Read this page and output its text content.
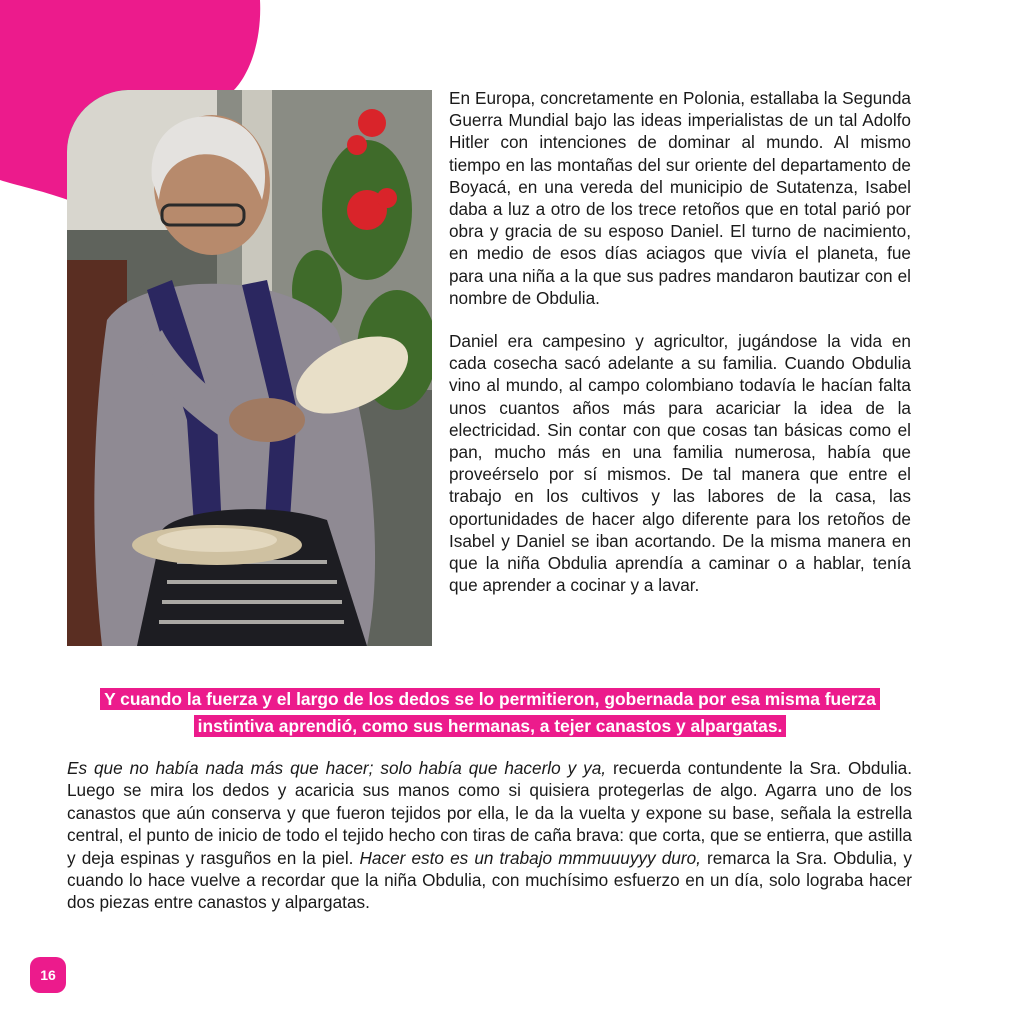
En Europa, concretamente en Polonia, estallaba la Segunda Guerra Mundial bajo las ideas imperialistas de un tal Adolfo Hitler con intenciones de dominar al mundo. Al mismo tiempo en las montañas del sur oriente del departamento de Boyacá, en una vereda del municipio de Sutatenza, Isabel daba a luz a otro de los trece retoños que en total parió por obra y gracia de su esposo Daniel. El turno de nacimiento, en medio de esos días aciagos que vivía el planeta, fue para una niña a la que sus padres mandaron bautizar con el nombre de Obdulia.

Daniel era campesino y agricultor, jugándose la vida en cada cosecha sacó adelante a su familia. Cuando Obdulia vino al mundo, al campo colombiano todavía le hacían falta unos cuantos años más para acariciar la idea de la electricidad. Sin contar con que cosas tan básicas como el pan, mucho más en una familia numerosa, había que proveérselo por sí mismos. De tal manera que entre el trabajo en los cultivos y las labores de la casa, las oportunidades de hacer algo diferente para los retoños de Isabel y Daniel se iban acortando. De la misma manera en que la niña Obdulia aprendía a caminar o a hablar, tenía que aprender a cocinar y a lavar.

Y cuando la fuerza y el largo de los dedos se lo permitieron, gobernada por esa misma fuerza instintiva aprendió, como sus hermanas, a tejer canastos y alpargatas.

Es que no había nada más que hacer; solo había que hacerlo y ya, recuerda contundente la Sra. Obdulia. Luego se mira los dedos y acaricia sus manos como si quisiera protegerlas de algo. Agarra uno de los canastos que aún conserva y que fueron tejidos por ella, le da la vuelta y expone su base, señala la estrella central, el punto de inicio de todo el tejido hecho con tiras de caña brava: que corta, que se entierra, que astilla y deja espinas y rasguños en la piel. Hacer esto es un trabajo mmmuuuyyy duro, remarca la Sra. Obdulia, y cuando lo hace vuelve a recordar que la niña Obdulia, con muchísimo esfuerzo en un día, solo lograba hacer dos piezas entre canastos y alpargatas.

16
